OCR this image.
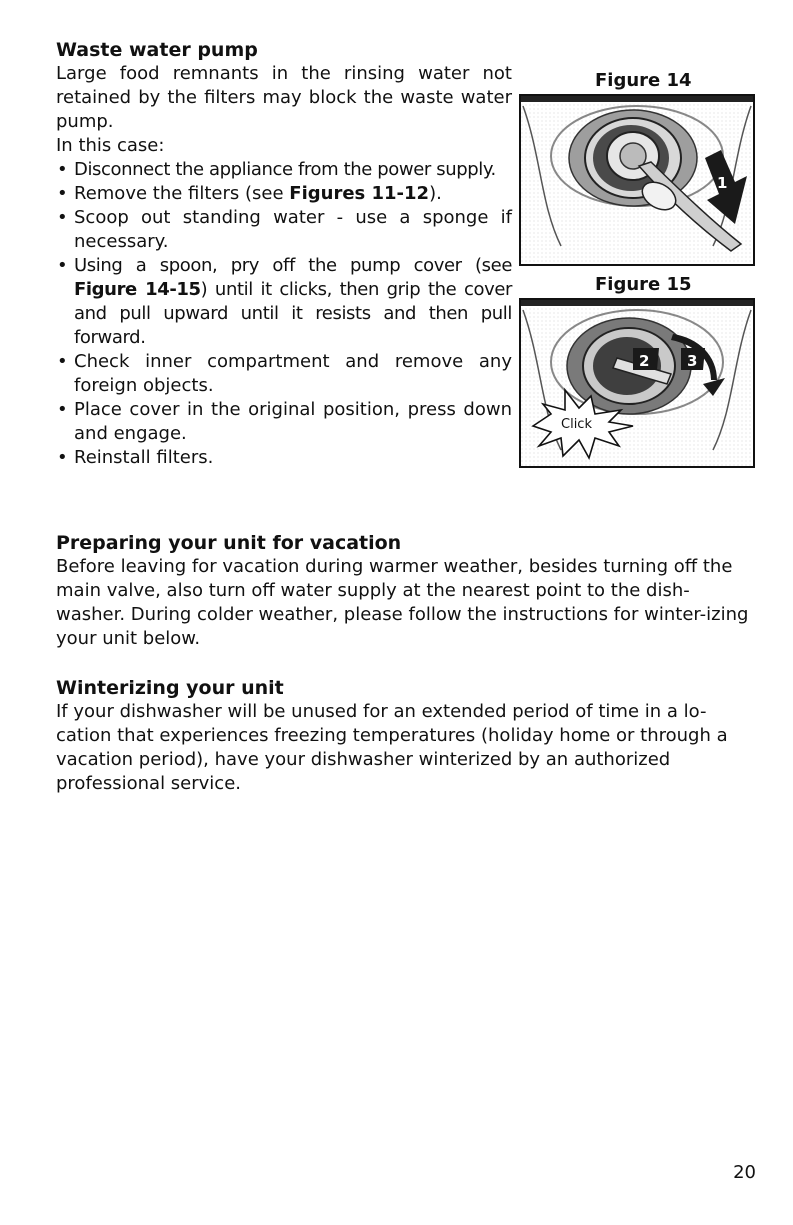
Waste water pump

Large food remnants in the rinsing water not retained by the filters may block the waste water pump.

In this case:

• Disconnect the appliance from the power supply.
• Remove the filters (see Figures 11-12).
• Scoop out standing water - use a sponge if necessary.
• Using a spoon, pry off the pump cover (see Figure 14-15) until it clicks, then grip the cover and pull upward until it resists and then pull forward.
• Check inner compartment and remove any foreign objects.
• Place cover in the original position, press down and engage.
• Reinstall filters.
Figure 14
1
Figure 15
2	3
Click
Preparing your unit for vacation

Before leaving for vacation during warmer weather, besides turning off the main valve, also turn off water supply at the nearest point to the dish-washer. During colder weather, please follow the instructions for winter-izing your unit below.

Winterizing your unit

If your dishwasher will be unused for an extended period of time in a lo-cation that experiences freezing temperatures (holiday home or through a vacation period), have your dishwasher winterized by an authorized professional service.

20
